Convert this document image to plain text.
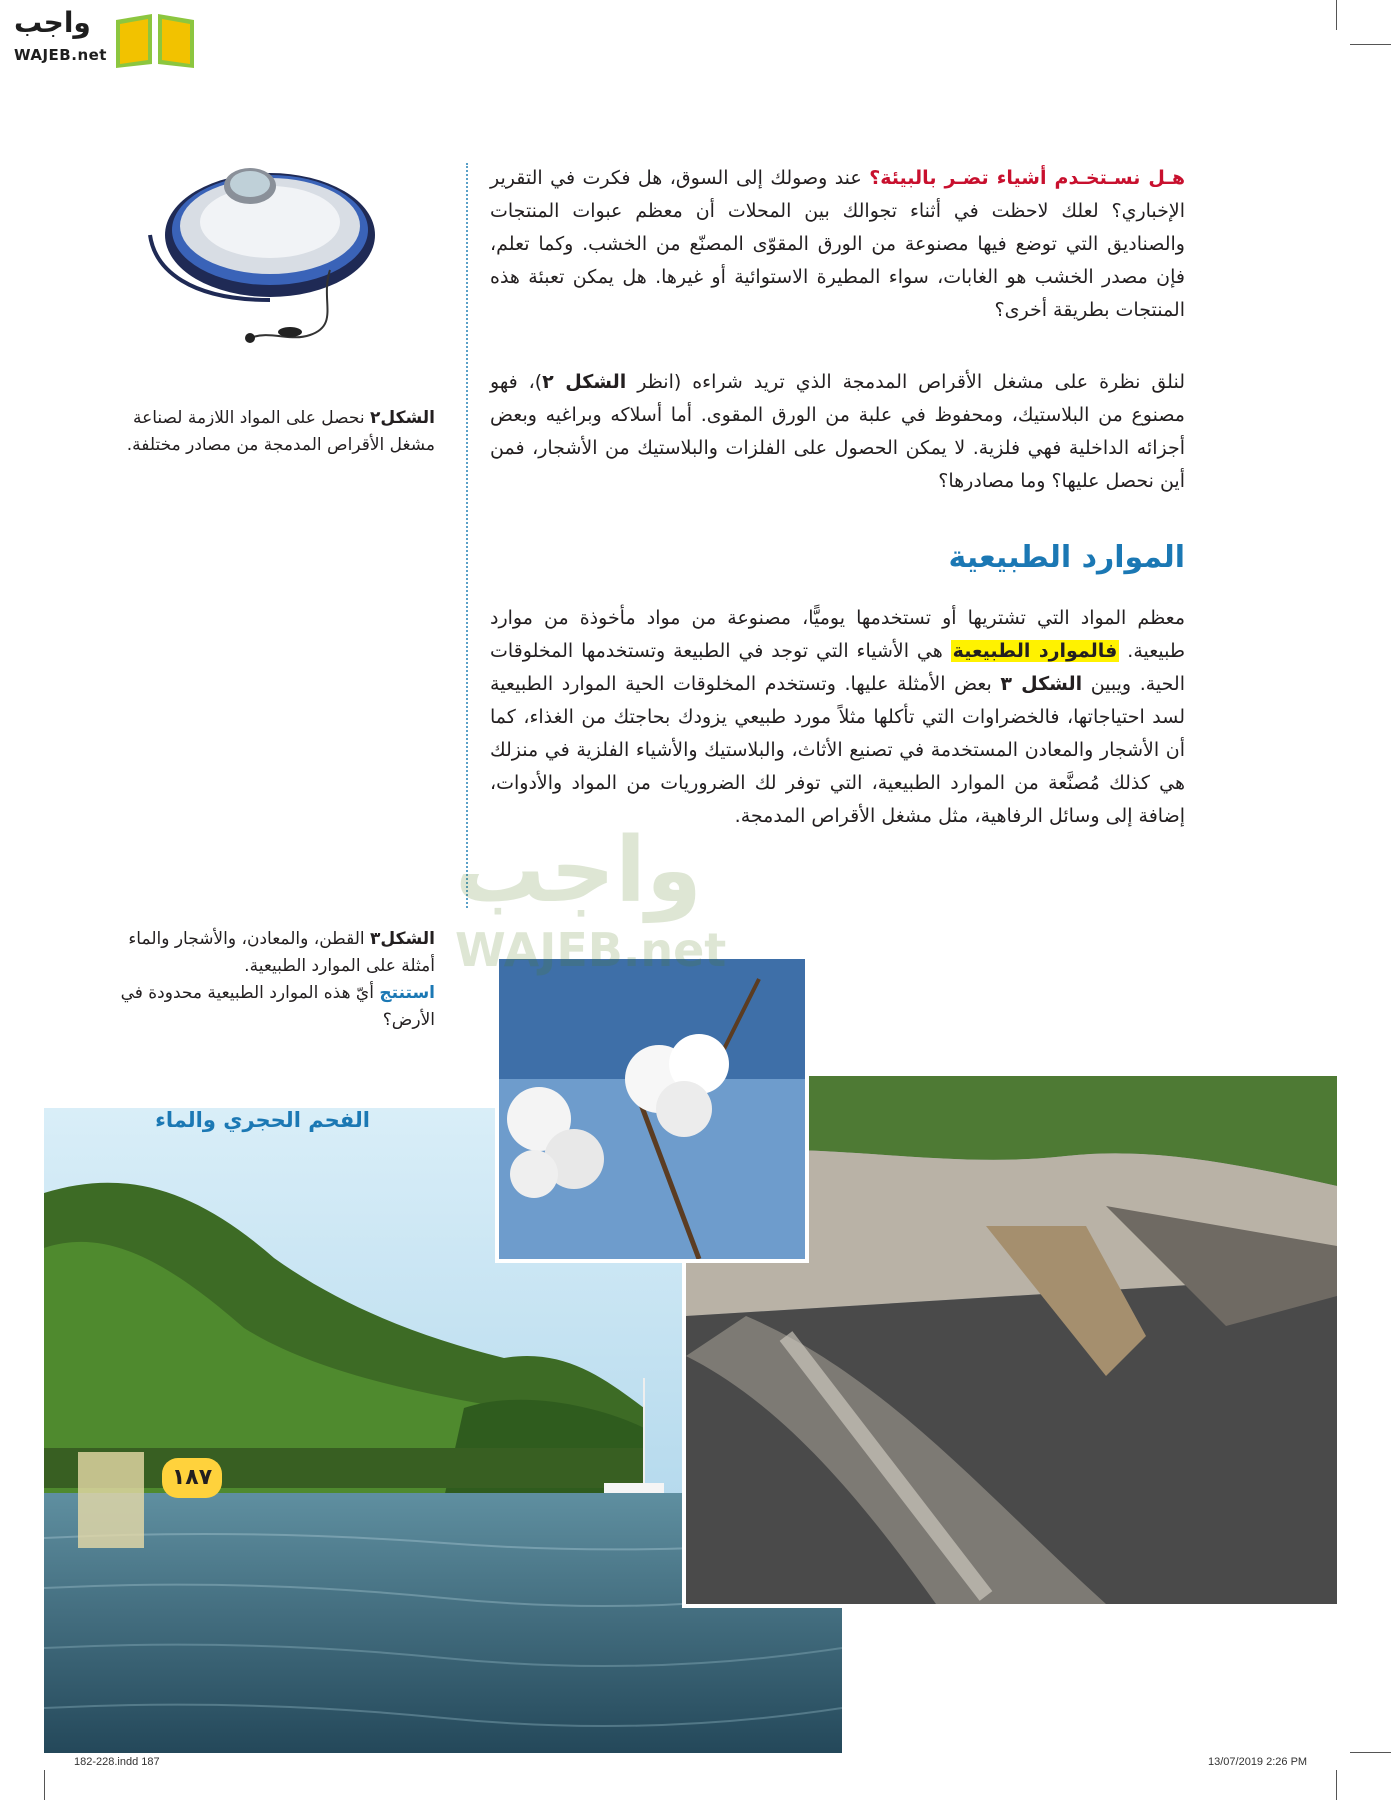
واجب
WAJEB.net
هـل نسـتخـدم أشياء تضـر بالبيئة؟ عند وصولك إلى السوق، هل فكرت في التقرير الإخباري؟ لعلك لاحظت في أثناء تجوالك بين المحلات أن معظم عبوات المنتجات والصناديق التي توضع فيها مصنوعة من الورق المقوّى المصنّع من الخشب. وكما تعلم، فإن مصدر الخشب هو الغابات، سواء المطيرة الاستوائية أو غيرها. هل يمكن تعبئة هذه المنتجات بطريقة أخرى؟
لنلق نظرة على مشغل الأقراص المدمجة الذي تريد شراءه (انظر الشكل ٢)، فهو مصنوع من البلاستيك، ومحفوظ في علبة من الورق المقوى. أما أسلاكه وبراغيه وبعض أجزائه الداخلية فهي فلزية. لا يمكن الحصول على الفلزات والبلاستيك من الأشجار، فمن أين نحصل عليها؟ وما مصادرها؟
الموارد الطبيعية
معظم المواد التي تشتريها أو تستخدمها يوميًّا، مصنوعة من مواد مأخوذة من موارد طبيعية. فالموارد الطبيعية هي الأشياء التي توجد في الطبيعة وتستخدمها المخلوقات الحية. ويبين الشكل ٣ بعض الأمثلة عليها. وتستخدم المخلوقات الحية الموارد الطبيعية لسد احتياجاتها، فالخضراوات التي تأكلها مثلاً مورد طبيعي يزودك بحاجتك من الغذاء، كما أن الأشجار والمعادن المستخدمة في تصنيع الأثاث، والبلاستيك والأشياء الفلزية في منزلك هي كذلك مُصنَّعة من الموارد الطبيعية، التي توفر لك الضروريات من المواد والأدوات، إضافة إلى وسائل الرفاهية، مثل مشغل الأقراص المدمجة.
الشكل٢ نحصل على المواد اللازمة لصناعة مشغل الأقراص المدمجة من مصادر مختلفة.
الشكل٣ القطن، والمعادن، والأشجار والماء أمثلة على الموارد الطبيعية.
استنتج أيّ هذه الموارد الطبيعية محدودة في الأرض؟
الفحم الحجري والماء
١٨٧
واجب
WAJEB.net
182-228.indd 187	13/07/2019 2:26 PM
